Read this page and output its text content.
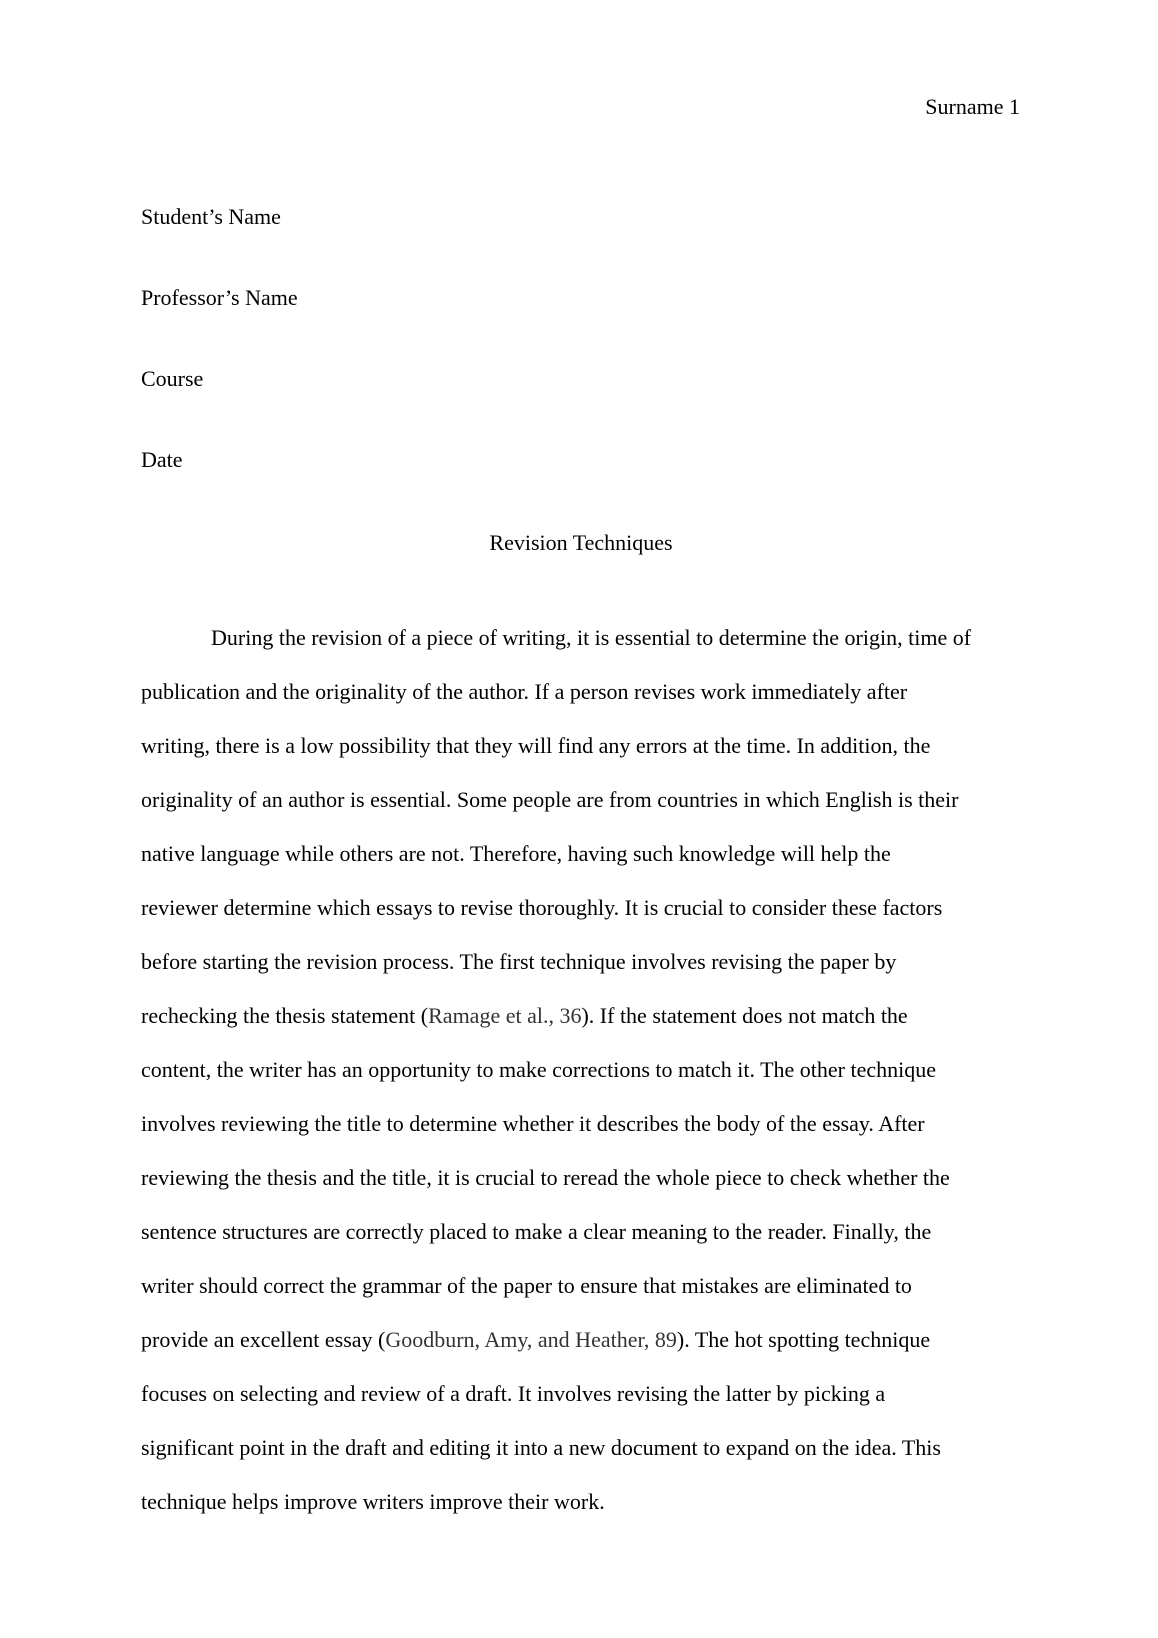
Surname 1
Student’s Name
Professor’s Name
Course
Date
Revision Techniques
During the revision of a piece of writing, it is essential to determine the origin, time of
publication and the originality of the author. If a person revises work immediately after
writing, there is a low possibility that they will find any errors at the time. In addition, the
originality of an author is essential. Some people are from countries in which English is their
native language while others are not. Therefore, having such knowledge will help the
reviewer determine which essays to revise thoroughly. It is crucial to consider these factors
before starting the revision process. The first technique involves revising the paper by
rechecking the thesis statement (Ramage et al., 36). If the statement does not match the
content, the writer has an opportunity to make corrections to match it. The other technique
involves reviewing the title to determine whether it describes the body of the essay. After
reviewing the thesis and the title, it is crucial to reread the whole piece to check whether the
sentence structures are correctly placed to make a clear meaning to the reader. Finally, the
writer should correct the grammar of the paper to ensure that mistakes are eliminated to
provide an excellent essay (Goodburn, Amy, and Heather, 89). The hot spotting technique
focuses on selecting and review of a draft. It involves revising the latter by picking a
significant point in the draft and editing it into a new document to expand on the idea. This
technique helps improve writers improve their work.
